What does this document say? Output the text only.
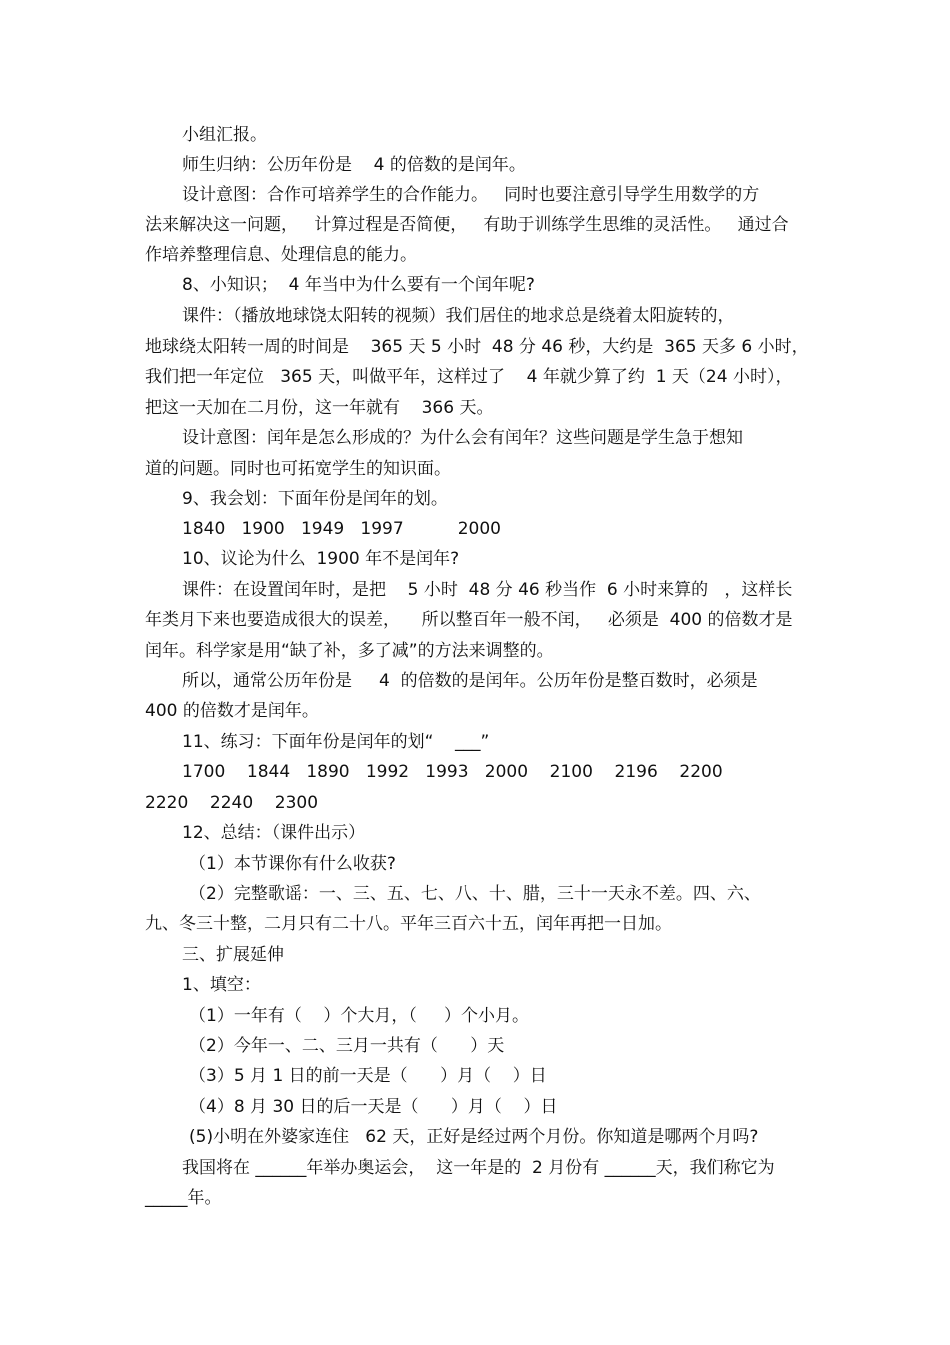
小组汇报。
师生归纳：公历年份是    4 的倍数的是闰年。
设计意图：合作可培养学生的合作能力。   同时也要注意引导学生用数学的方
法来解决这一问题，   计算过程是否简便，   有助于训练学生思维的灵活性。   通过合
作培养整理信息、处理信息的能力。
8、小知识；  4 年当中为什么要有一个闰年呢?
课件：（播放地球饶太阳转的视频）我们居住的地求总是绕着太阳旋转的，
地球绕太阳转一周的时间是    365 天 5 小时  48 分 46 秒，大约是  365 天多 6 小时，
我们把一年定位   365 天，叫做平年，这样过了    4 年就少算了约  1 天（24 小时），
把这一天加在二月份，这一年就有    366 天。
设计意图：闰年是怎么形成的？为什么会有闰年？这些问题是学生急于想知
道的问题。同时也可拓宽学生的知识面。
9、我会划：下面年份是闰年的划。
1840   1900   1949   1997          2000
10、议论为什么  1900 年不是闰年?
课件：在设置闰年时，是把    5 小时  48 分 46 秒当作  6 小时来算的   ，这样长
年类月下来也要造成很大的误差，    所以整百年一般不闰，   必须是  400 的倍数才是
闰年。科学家是用“缺了补，多了减”的方法来调整的。
所以，通常公历年份是     4  的倍数的是闰年。公历年份是整百数时，必须是
400 的倍数才是闰年。
11、练习：下面年份是闰年的划“    ___”
1700    1844   1890   1992   1993   2000    2100    2196    2200
2220    2240    2300
12、总结：（课件出示）
（1）本节课你有什么收获?
（2）完整歌谣：一、三、五、七、八、十、腊，三十一天永不差。四、六、
九、冬三十整，二月只有二十八。平年三百六十五，闰年再把一日加。
三、扩展延伸
1、填空：
（1）一年有（    ）个大月，（     ）个小月。
（2）今年一、二、三月一共有（      ）天
（3）5 月 1 日的前一天是（      ）月（    ）日
（4）8 月 30 日的后一天是（      ）月（    ）日
(5)小明在外婆家连住   62 天，正好是经过两个月份。你知道是哪两个月吗?
我国将在 ______年举办奥运会，  这一年是的  2 月份有 ______天，我们称它为
_____年。
